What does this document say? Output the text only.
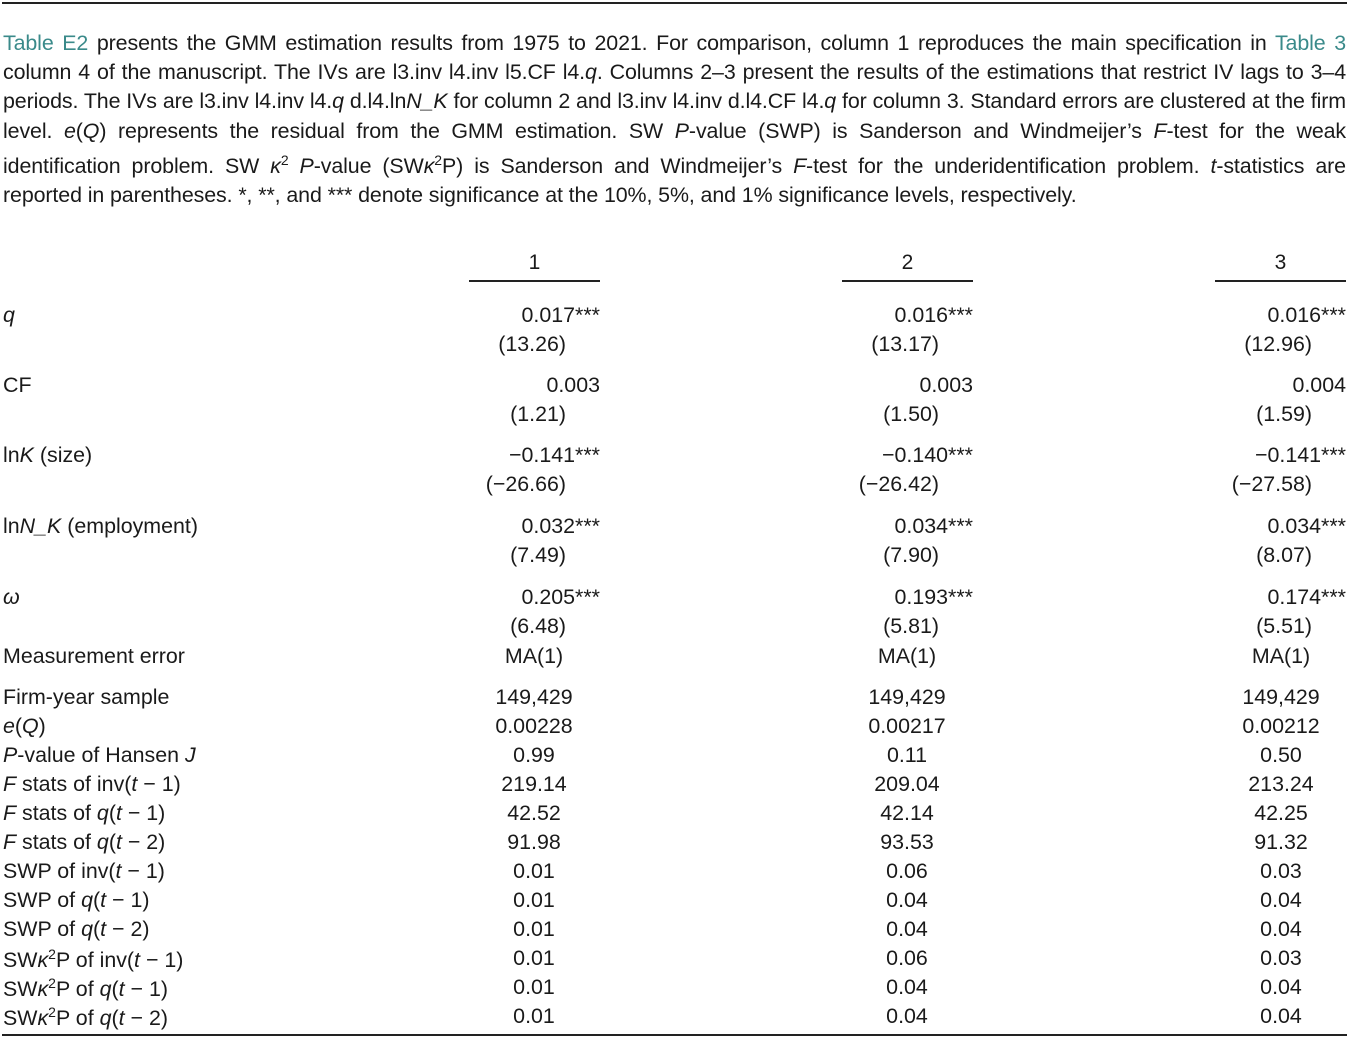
Table E2 presents the GMM estimation results from 1975 to 2021. For comparison, column 1 reproduces the main specification in Table 3 column 4 of the manuscript. The IVs are l3.inv l4.inv l5.CF l4.q. Columns 2–3 present the results of the estimations that restrict IV lags to 3–4 periods. The IVs are l3.inv l4.inv l4.q d.l4.lnN_K for column 2 and l3.inv l4.inv d.l4.CF l4.q for column 3. Standard errors are clustered at the firm level. e(Q) represents the residual from the GMM estimation. SW P-value (SWP) is Sanderson and Windmeijer’s F-test for the weak identification problem. SW $\kappa^2$ P-value (SWκ$^2$P) is Sanderson and Windmeijer’s F-test for the underidentification problem. t-statistics are reported in parentheses. *, **, and *** denote significance at the 10%, 5%, and 1% significance levels, respectively.
1	2	3
q	0.017***	0.016***	0.016***
(13.26)	(13.17)	(12.96)
CF	0.003	0.003	0.004
(1.21)	(1.50)	(1.59)
lnK (size)	−0.141***	−0.140***	−0.141***
(−26.66)	(−26.42)	(−27.58)
lnN_K (employment)	0.032***	0.034***	0.034***
(7.49)	(7.90)	(8.07)
ω	0.205***	0.193***	0.174***
(6.48)	(5.81)	(5.51)
Measurement error	MA(1)	MA(1)	MA(1)
Firm-year sample	149,429	149,429	149,429
e(Q)	0.00228	0.00217	0.00212
P-value of Hansen J	0.99	0.11	0.50
F stats of inv(t − 1)	219.14	209.04	213.24
F stats of q(t − 1)	42.52	42.14	42.25
F stats of q(t − 2)	91.98	93.53	91.32
SWP of inv(t − 1)	0.01	0.06	0.03
SWP of q(t − 1)	0.01	0.04	0.04
SWP of q(t − 2)	0.01	0.04	0.04
SWκ$^2$P of inv(t − 1)	0.01	0.06	0.03
SWκ$^2$P of q(t − 1)	0.01	0.04	0.04
SWκ$^2$P of q(t − 2)	0.01	0.04	0.04
